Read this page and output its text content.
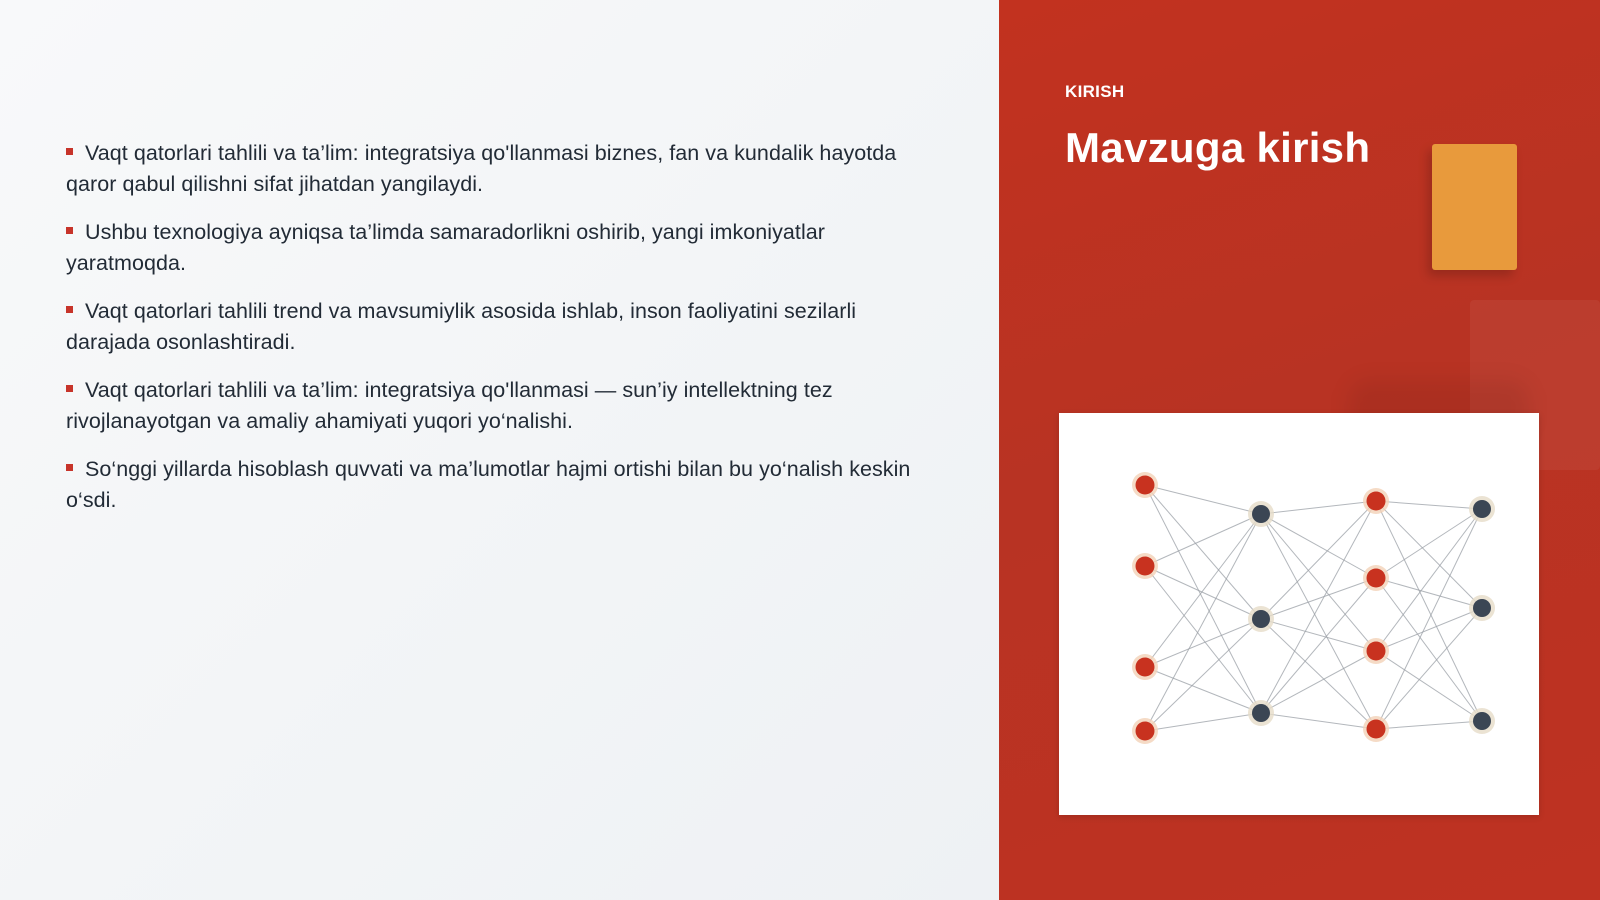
Vaqt qatorlari tahlili va ta’lim: integratsiya qo'llanmasi biznes, fan va kundalik hayotda qaror qabul qilishni sifat jihatdan yangilaydi.
Ushbu texnologiya ayniqsa ta’limda samaradorlikni oshirib, yangi imkoniyatlar yaratmoqda.
Vaqt qatorlari tahlili trend va mavsumiylik asosida ishlab, inson faoliyatini sezilarli darajada osonlashtiradi.
Vaqt qatorlari tahlili va ta’lim: integratsiya qo'llanmasi — sun’iy intellektning tez rivojlanayotgan va amaliy ahamiyati yuqori yo‘nalishi.
So‘nggi yillarda hisoblash quvvati va ma’lumotlar hajmi ortishi bilan bu yo‘nalish keskin o‘sdi.
KIRISH
Mavzuga kirish
